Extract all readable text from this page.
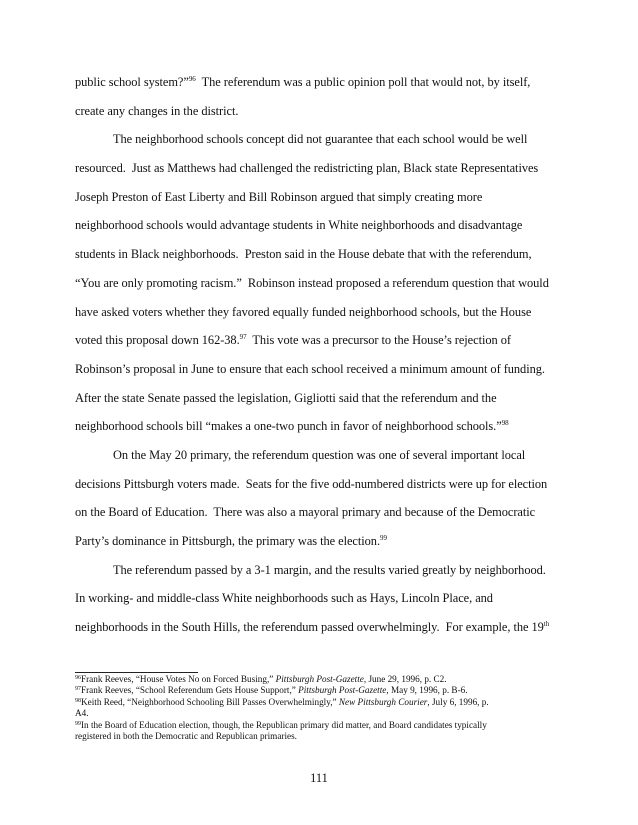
public school system?”$^{96}$  The referendum was a public opinion poll that would not, by itself,
create any changes in the district.
The neighborhood schools concept did not guarantee that each school would be well
resourced.  Just as Matthews had challenged the redistricting plan, Black state Representatives
Joseph Preston of East Liberty and Bill Robinson argued that simply creating more
neighborhood schools would advantage students in White neighborhoods and disadvantage
students in Black neighborhoods.  Preston said in the House debate that with the referendum,
“You are only promoting racism.”  Robinson instead proposed a referendum question that would
have asked voters whether they favored equally funded neighborhood schools, but the House
voted this proposal down 162-38.97  This vote was a precursor to the House’s rejection of
Robinson’s proposal in June to ensure that each school received a minimum amount of funding.
After the state Senate passed the legislation, Gigliotti said that the referendum and the
neighborhood schools bill “makes a one-two punch in favor of neighborhood schools.”$^{98}$
On the May 20 primary, the referendum question was one of several important local
decisions Pittsburgh voters made.  Seats for the five odd-numbered districts were up for election
on the Board of Education.  There was also a mayoral primary and because of the Democratic
Party’s dominance in Pittsburgh, the primary was the election.$^{99}$
The referendum passed by a 3-1 margin, and the results varied greatly by neighborhood.
In working- and middle-class White neighborhoods such as Hays, Lincoln Place, and
neighborhoods in the South Hills, the referendum passed overwhelmingly.  For example, the 19th
$^{96}$Frank Reeves, “House Votes No on Forced Busing,” Pittsburgh Post-Gazette, June 29, 1996, p. C2.
$^{97}$Frank Reeves, “School Referendum Gets House Support,” Pittsburgh Post-Gazette, May 9, 1996, p. B-6.
$^{98}$Keith Reed, “Neighborhood Schooling Bill Passes Overwhelmingly,” New Pittsburgh Courier, July 6, 1996, p.
A4.
$^{99}$In the Board of Education election, though, the Republican primary did matter, and Board candidates typically
registered in both the Democratic and Republican primaries.
111
